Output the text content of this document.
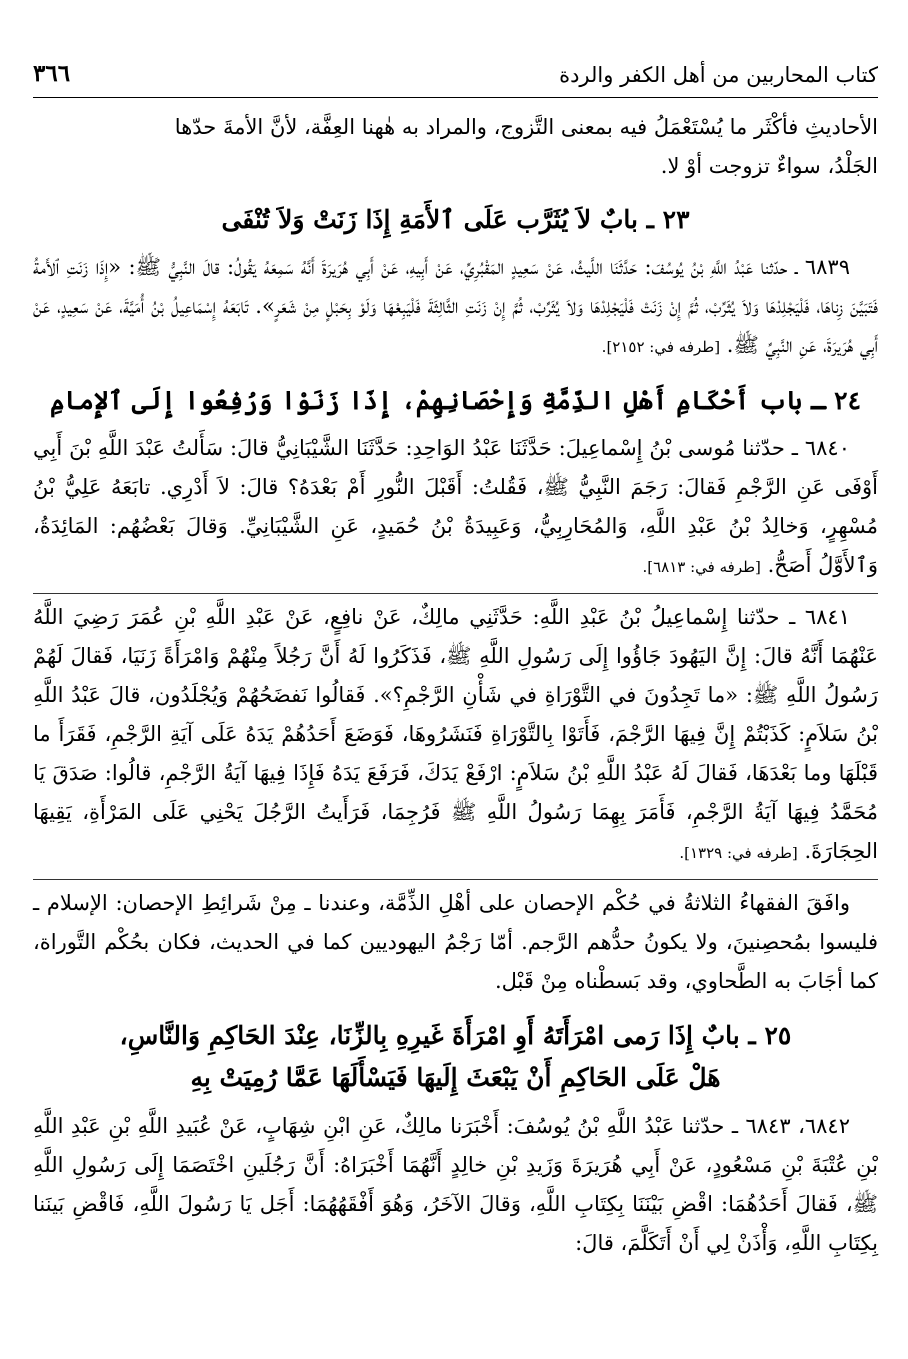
كتاب المحاربين من أهل الكفر والردة
٣٦٦

الأحاديثِ فأكْثَر ما يُسْتَعْمَلُ فيه بمعنى التَّزوج، والمراد به هٰهنا العِفَّة، لأنَّ الأمةَ حدّها
الجَلْدُ، سواءٌ تزوجت أوْ لا.

٢٣ ـ بابٌ لاَ يُثَرَّب عَلَى ٱلأَمَةِ إِذَا زَنَتْ وَلاَ تُنْفَى

٦٨٣٩ ـ حدّثنا عَبْدُ اللَّهِ بْنُ يُوسُفَ: حَدَّثَنَا اللَّيثُ، عَنْ سَعِيدٍ المَقْبُرِيِّ، عَنْ أَبِيهِ، عَنْ أَبِي هُرَيرَةَ أَنَّهُ سَمِعَهُ يَقُولُ: قالَ النَّبِيُّ ﷺ: «إِذَا زَنَتِ ٱلأَمةُ فَتَبَيَّنَ زِناهَا، فَلْيَجْلِدْهَا وَلاَ يُثَرِّبْ، ثُمَّ إِنْ زَنَتْ فَلْيَجْلِدْهَا وَلاَ يُثَرِّبْ، ثُمَّ إِنْ زَنَتِ الثَّالِثَةَ فَلْيَبِعْهَا وَلَوْ بِحَبْلٍ مِنْ شَعَرٍ». تَابَعَهُ إِسْمَاعِيلُ بْنُ أُمَيَّةَ، عَنْ سَعِيدٍ، عَنْ أَبِي هُرَيرَةَ، عَنِ النَّبِيِّ ﷺ. [طرفه في: ٢١٥٢].

٢٤ ـ باب أَحْكَامِ أَهْلِ الذِّمَّةِ وَإِحْصَانِهِمْ، إِذَا زَنَوْا وَرُفِعُوا إِلَى ٱلإِمامِ

٦٨٤٠ ـ حدّثنا مُوسى بْنُ إِسْماعِيلَ: حَدَّثَنَا عَبْدُ الوَاحِدِ: حَدَّثَنَا الشَّيْبَانِيُّ قالَ: سَأَلتُ عَبْدَ اللَّهِ بْنَ أَبِي أَوْفَى عَنِ الرَّجْمِ فَقالَ: رَجَمَ النَّبِيُّ ﷺ، فَقُلتُ: أَقَبْلَ النُّورِ أَمْ بَعْدَهُ؟ قالَ: لاَ أَدْرِي. تابَعَهُ عَلِيُّ بْنُ مُسْهِرٍ، وَخالِدُ بْنُ عَبْدِ اللَّهِ، وَالمُحَارِبِيُّ، وَعَبِيدَةُ بْنُ حُمَيدٍ، عَنِ الشَّيْبَانِيِّ. وَقالَ بَعْضُهُم: المَائِدَةُ، وَٱلأَوَّلُ أَصَحُّ. [طرفه في: ٦٨١٣].

٦٨٤١ ـ حدّثنا إِسْماعِيلُ بْنُ عَبْدِ اللَّهِ: حَدَّثَنِي مالِكٌ، عَنْ نافِعٍ، عَنْ عَبْدِ اللَّهِ بْنِ عُمَرَ رَضِيَ اللَّهُ عَنْهُمَا أَنَّهُ قالَ: إِنَّ اليَهُودَ جَاؤُوا إِلَى رَسُولِ اللَّهِ ﷺ، فَذَكَرُوا لَهُ أَنَّ رَجُلاً مِنْهُمْ وَامْرَأَةً زَنَيَا، فَقالَ لَهُمْ رَسُولُ اللَّهِ ﷺ: «ما تَجِدُونَ في التَّوْرَاةِ في شَأْنِ الرَّجْمِ؟». فَقالُوا نَفضَحُهُمْ وَيُجْلَدُون، قالَ عَبْدُ اللَّهِ بْنُ سَلاَمٍ: كَذَبْتُمْ إِنَّ فِيهَا الرَّجْمَ، فَأَتَوْا بِالتَّوْرَاةِ فَنَشَرُوهَا، فَوَضَعَ أَحَدُهُمْ يَدَهُ عَلَى آيَةِ الرَّجْمِ، فَقَرَأَ ما قَبْلَهَا وما بَعْدَهَا، فَقالَ لَهُ عَبْدُ اللَّهِ بْنُ سَلاَمٍ: ارْفَعْ يَدَكَ، فَرَفَعَ يَدَهُ فَإِذَا فِيهَا آيَةُ الرَّجْمِ، قالُوا: صَدَقَ يَا مُحَمَّدُ فِيهَا آيَةُ الرَّجْمِ، فَأَمَرَ بِهِمَا رَسُولُ اللَّهِ ﷺ فَرُجِمَا، فَرَأَيتُ الرَّجُلَ يَحْنِي عَلَى المَرْأَةِ، يَقِيهَا الحِجَارَةَ. [طرفه في: ١٣٢٩].

وافَقَ الفقهاءُ الثلاثةُ في حُكْم الإحصان على أهْلِ الذِّمَّة، وعندنا ـ مِنْ شَرائِطِ الإحصان: الإسلام ـ فليسوا بمُحصِنينَ، ولا يكونُ حدُّهم الرَّجم. أمّا رَجْمُ اليهوديين كما في الحديث، فكان بحُكْم التَّوراة، كما أجَابَ به الطَّحاوي، وقد بَسطْناه مِنْ قَبْل.

٢٥ ـ بابٌ إِذَا رَمى امْرَأَتَهُ أَوِ امْرَأَةَ غَيرِهِ بِالزِّنَا، عِنْدَ الحَاكِمِ وَالنَّاسِ،
هَلْ عَلَى الحَاكِمِ أَنْ يَبْعَثَ إِلَيهَا فَيَسْأَلَهَا عَمَّا رُمِيَتْ بِهِ

٦٨٤٢، ٦٨٤٣ ـ حدّثنا عَبْدُ اللَّهِ بْنُ يُوسُفَ: أَخْبَرَنا مالِكٌ، عَنِ ابْنِ شِهَابٍ، عَنْ عُبَيدِ اللَّهِ بْنِ عَبْدِ اللَّهِ بْنِ عُتْبَةَ بْنِ مَسْعُودٍ، عَنْ أَبِي هُرَيرَةَ وَزَيدِ بْنِ خالِدٍ أَنَّهُمَا أَخْبَرَاهُ: أَنَّ رَجُلَينِ اخْتَصَمَا إِلَى رَسُولِ اللَّهِ ﷺ، فَقالَ أَحَدُهُمَا: اقْضِ بَيْنَنَا بِكِتَابِ اللَّهِ، وَقالَ الآخَرُ، وَهُوَ أَفْقَهُهُمَا: أَجَل يَا رَسُولَ اللَّهِ، فَاقْضِ بَينَنا بِكِتَابِ اللَّهِ، وَأْذَنْ لِي أَنْ أَتَكَلَّمَ، قالَ:
